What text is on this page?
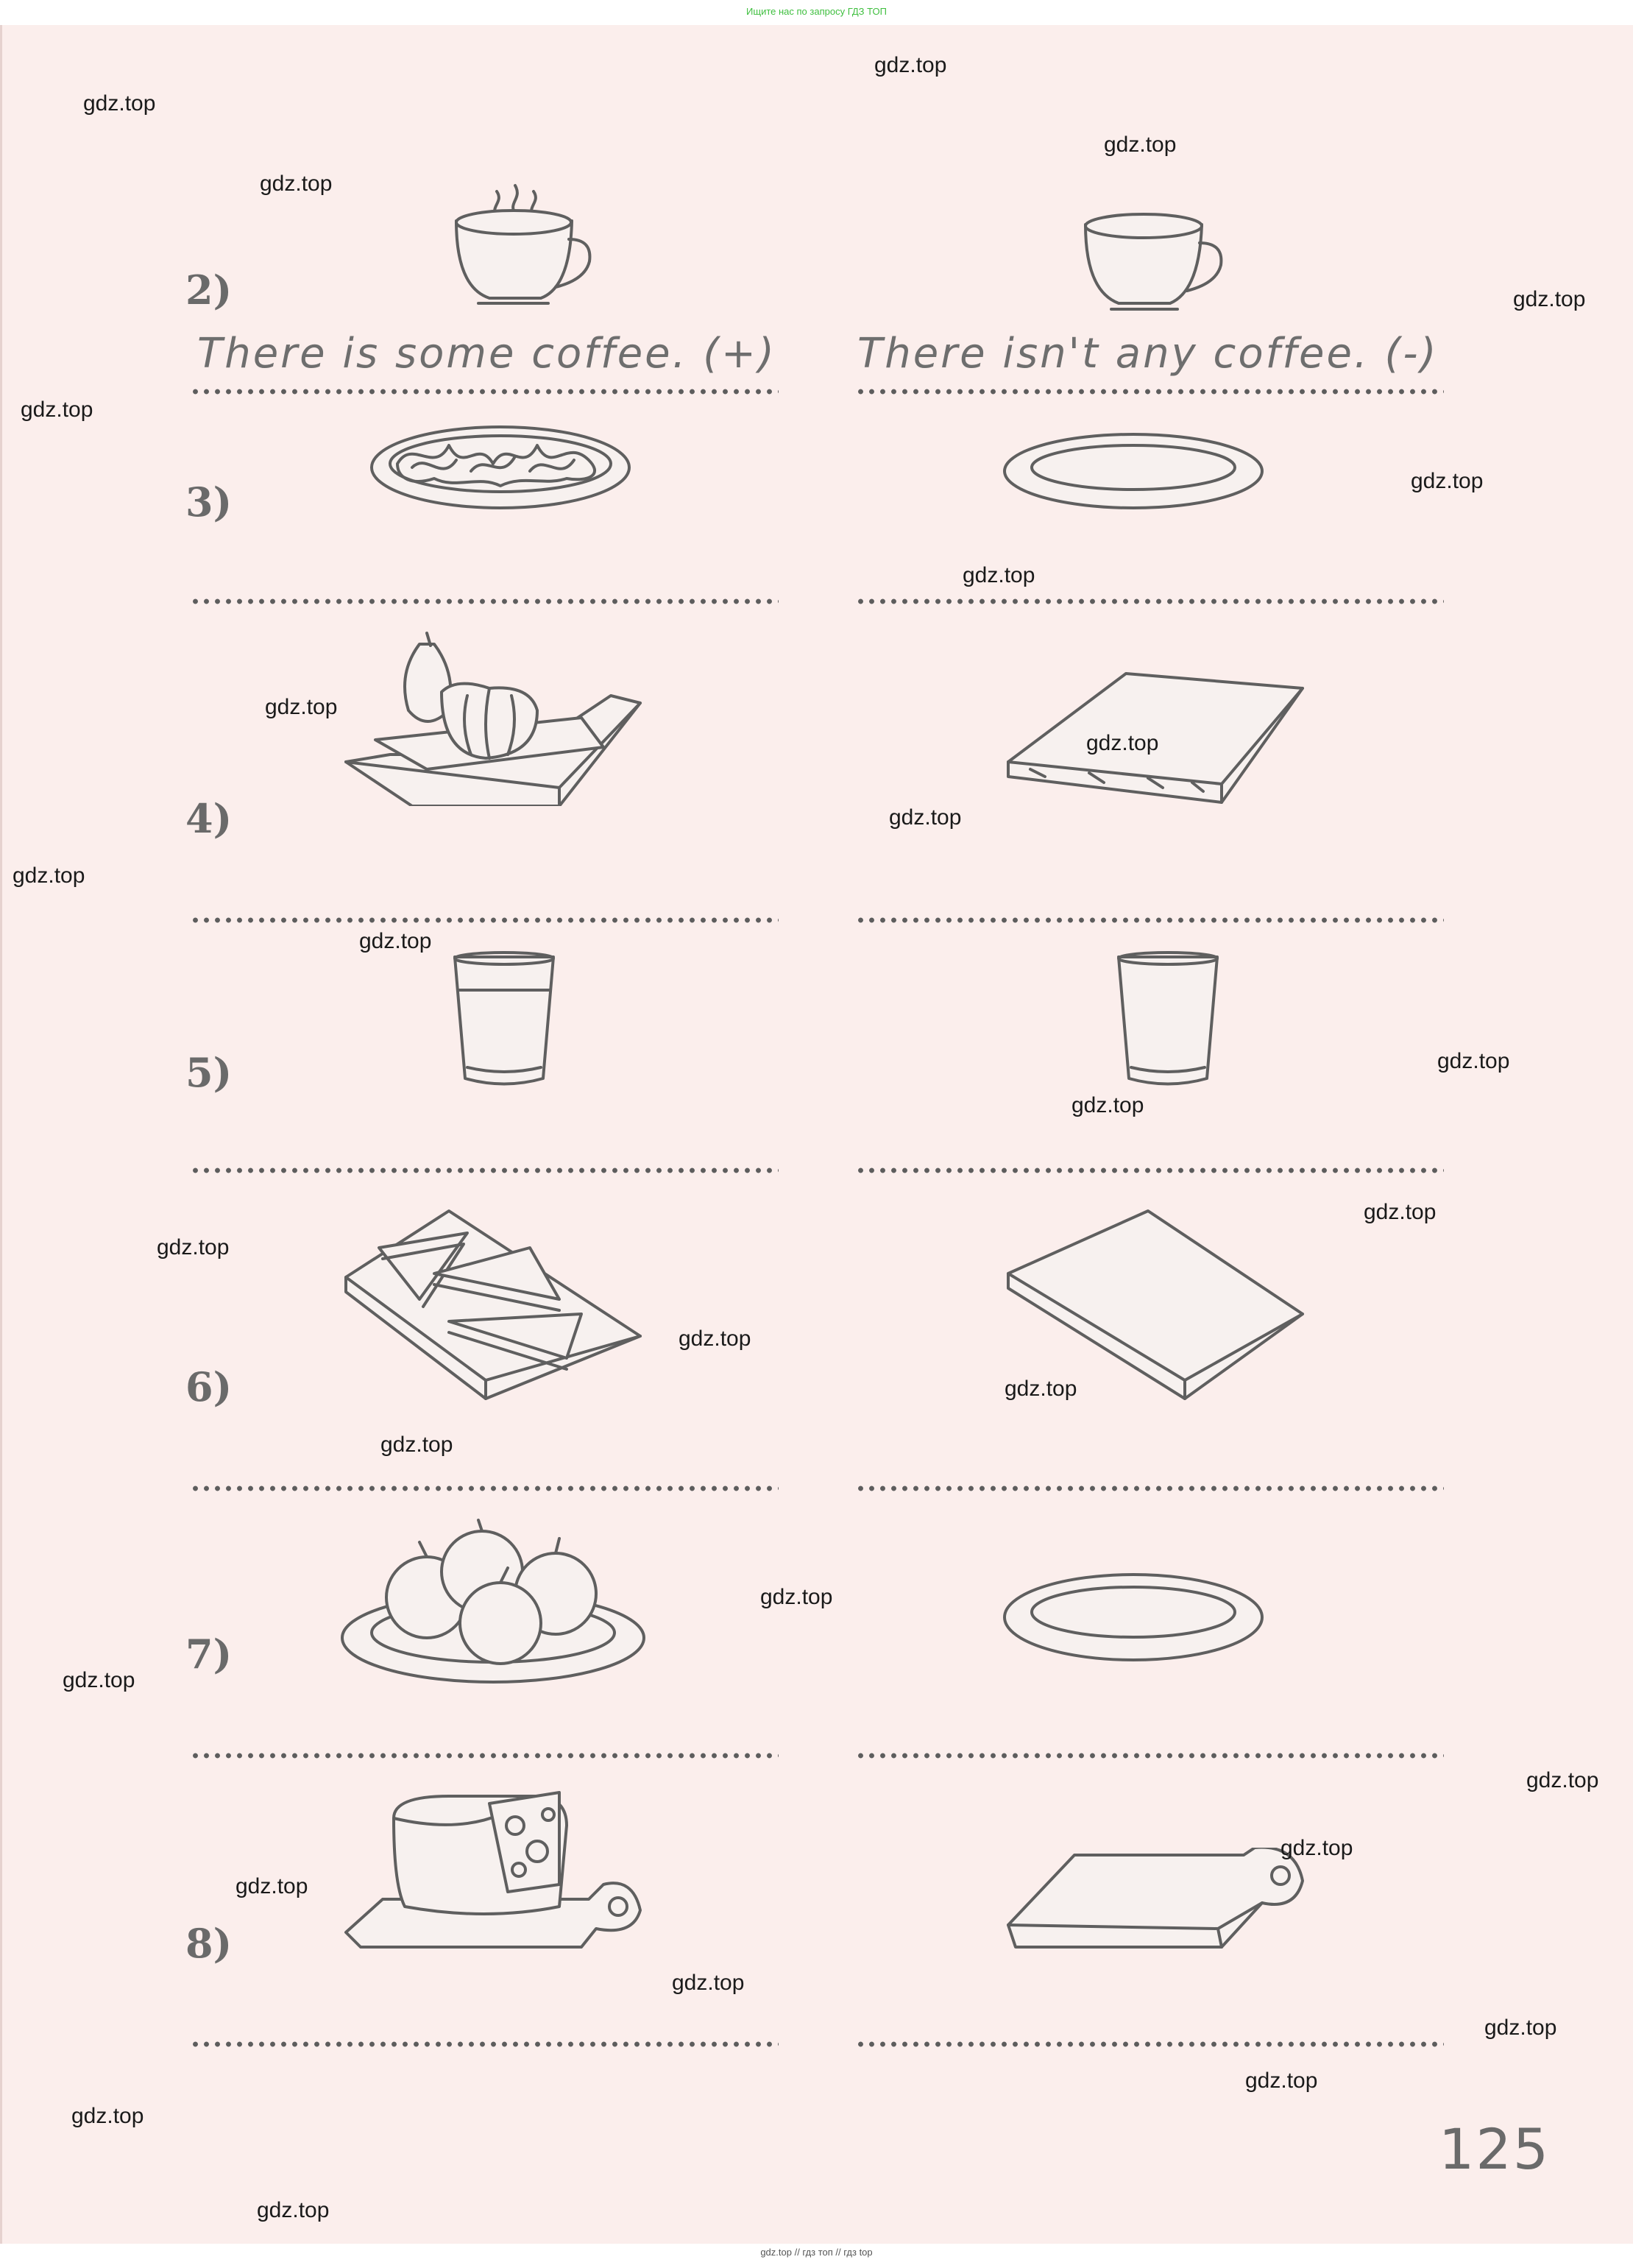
Ищите нас по запросу ГДЗ ТОП
2)
3)
4)
5)
6)
7)
8)
There is some coffee. (+) There isn't any coffee. (-)
gdz.top
gdz.top
gdz.top
gdz.top
gdz.top
gdz.top
gdz.top
gdz.top
gdz.top
gdz.top
gdz.top
gdz.top
gdz.top
gdz.top
gdz.top
gdz.top
gdz.top
gdz.top
gdz.top
gdz.top
gdz.top
gdz.top
gdz.top
gdz.top
gdz.top
gdz.top
gdz.top
gdz.top
gdz.top
gdz.top
125
gdz.top // гдз топ // гдз top
